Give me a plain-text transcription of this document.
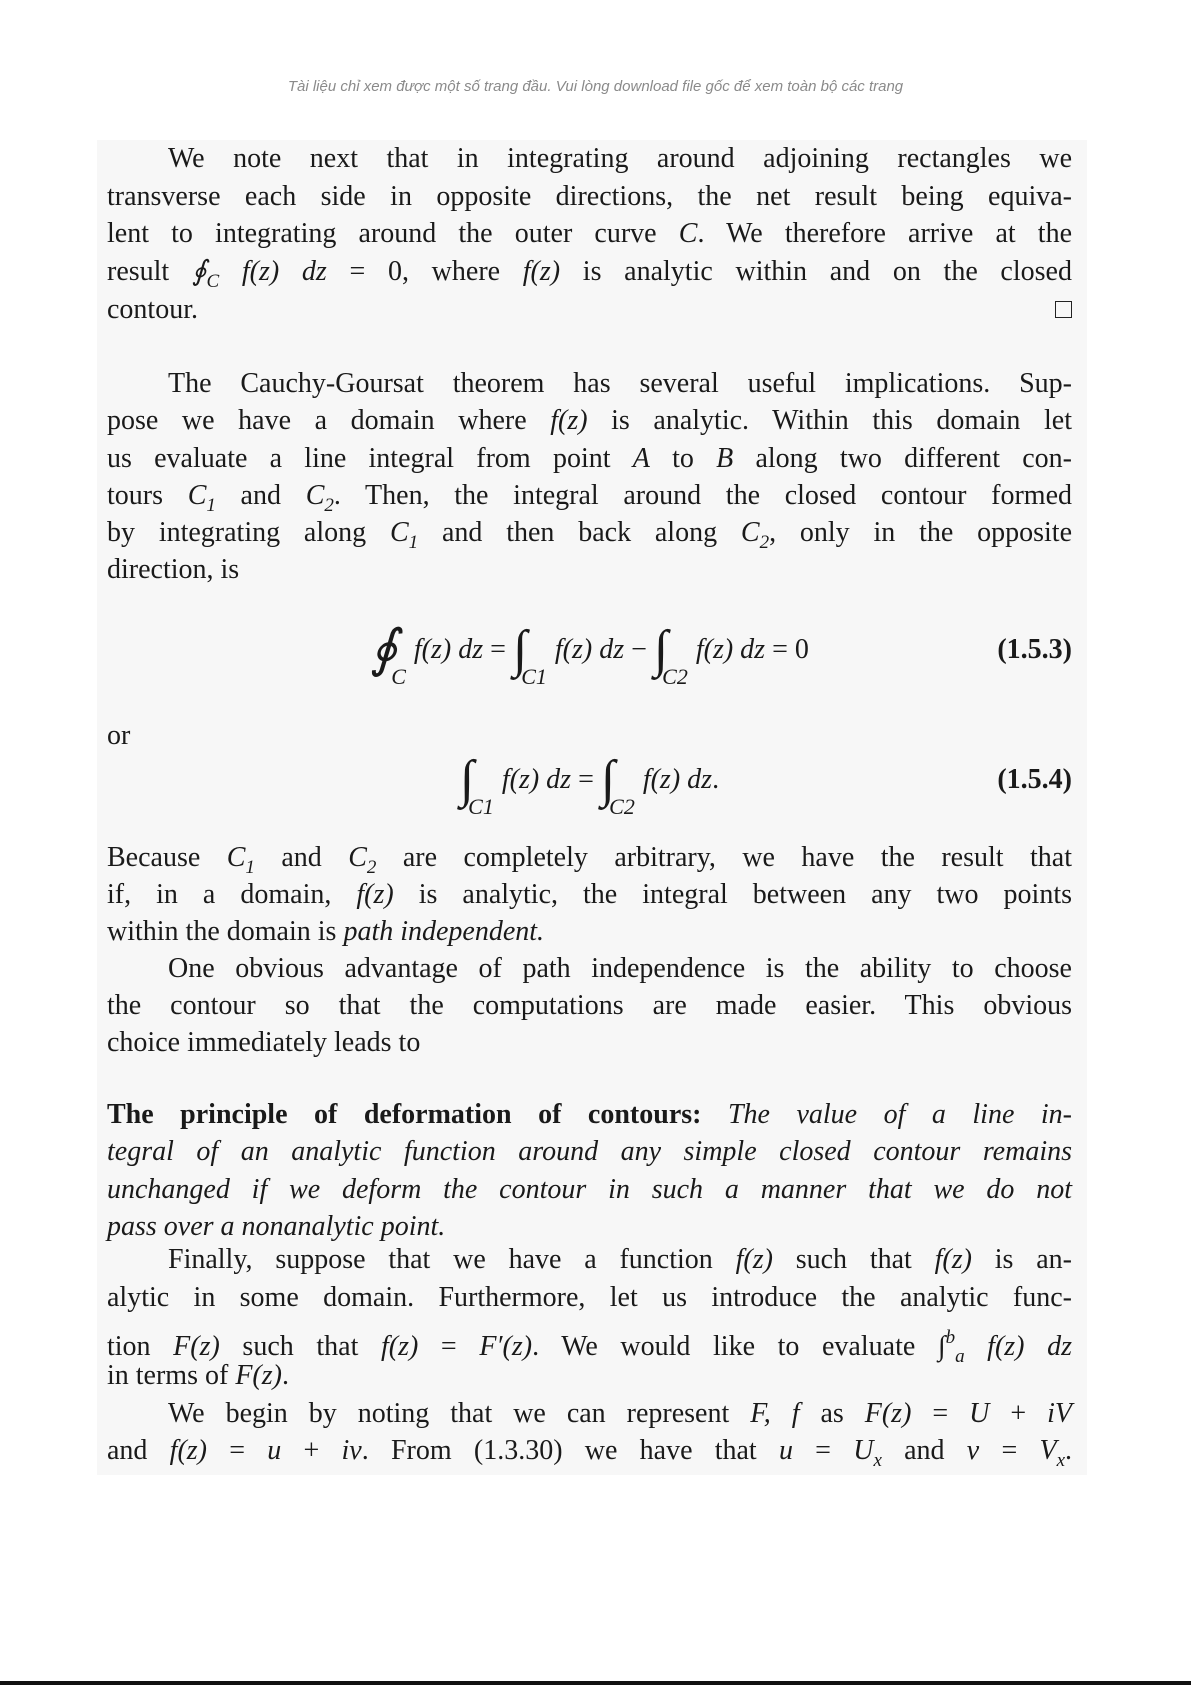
Tài liệu chỉ xem được một số trang đầu. Vui lòng download file gốc để xem toàn bộ các trang
We note next that in integrating around adjoining rectangles we
transverse each side in opposite directions, the net result being equiva-
lent to integrating around the outer curve C. We therefore arrive at the
result $∮_C$ f(z) dz = 0, where f(z) is analytic within and on the closed
contour.
The Cauchy-Goursat theorem has several useful implications. Sup-
pose we have a domain where f(z) is analytic. Within this domain let
us evaluate a line integral from point A to B along two different con-
tours $C_1$ and $C_2$. Then, the integral around the closed contour formed
by integrating along $C_1$ and then back along $C_2$, only in the opposite
direction, is
$∮_Cf(z)$ dz = $\int_{C1}f(z)$ dz − $\int_{C2}f(z)$ dz = 0	(1.5.3)
or
$\int_{C1}f(z)$ dz = $\int_{C2}f(z)$ dz.	(1.5.4)
Because $C_1$ and $C_2$ are completely arbitrary, we have the result that
if, in a domain, f(z) is analytic, the integral between any two points
within the domain is path independent.
One obvious advantage of path independence is the ability to choose
the contour so that the computations are made easier. This obvious
choice immediately leads to
The principle of deformation of contours: The value of a line in-
tegral of an analytic function around any simple closed contour remains
unchanged if we deform the contour in such a manner that we do not
pass over a nonanalytic point.
Finally, suppose that we have a function f(z) such that f(z) is an-
alytic in some domain. Furthermore, let us introduce the analytic func-
tion F(z) such that f(z) = F′(z). We would like to evaluate ∫$^b_a$ f(z) dz
in terms of F(z).
We begin by noting that we can represent F, f as F(z) = U + iV
and f(z) = u + iv. From (1.3.30) we have that $u = U_x$ and $v = V_x$.
